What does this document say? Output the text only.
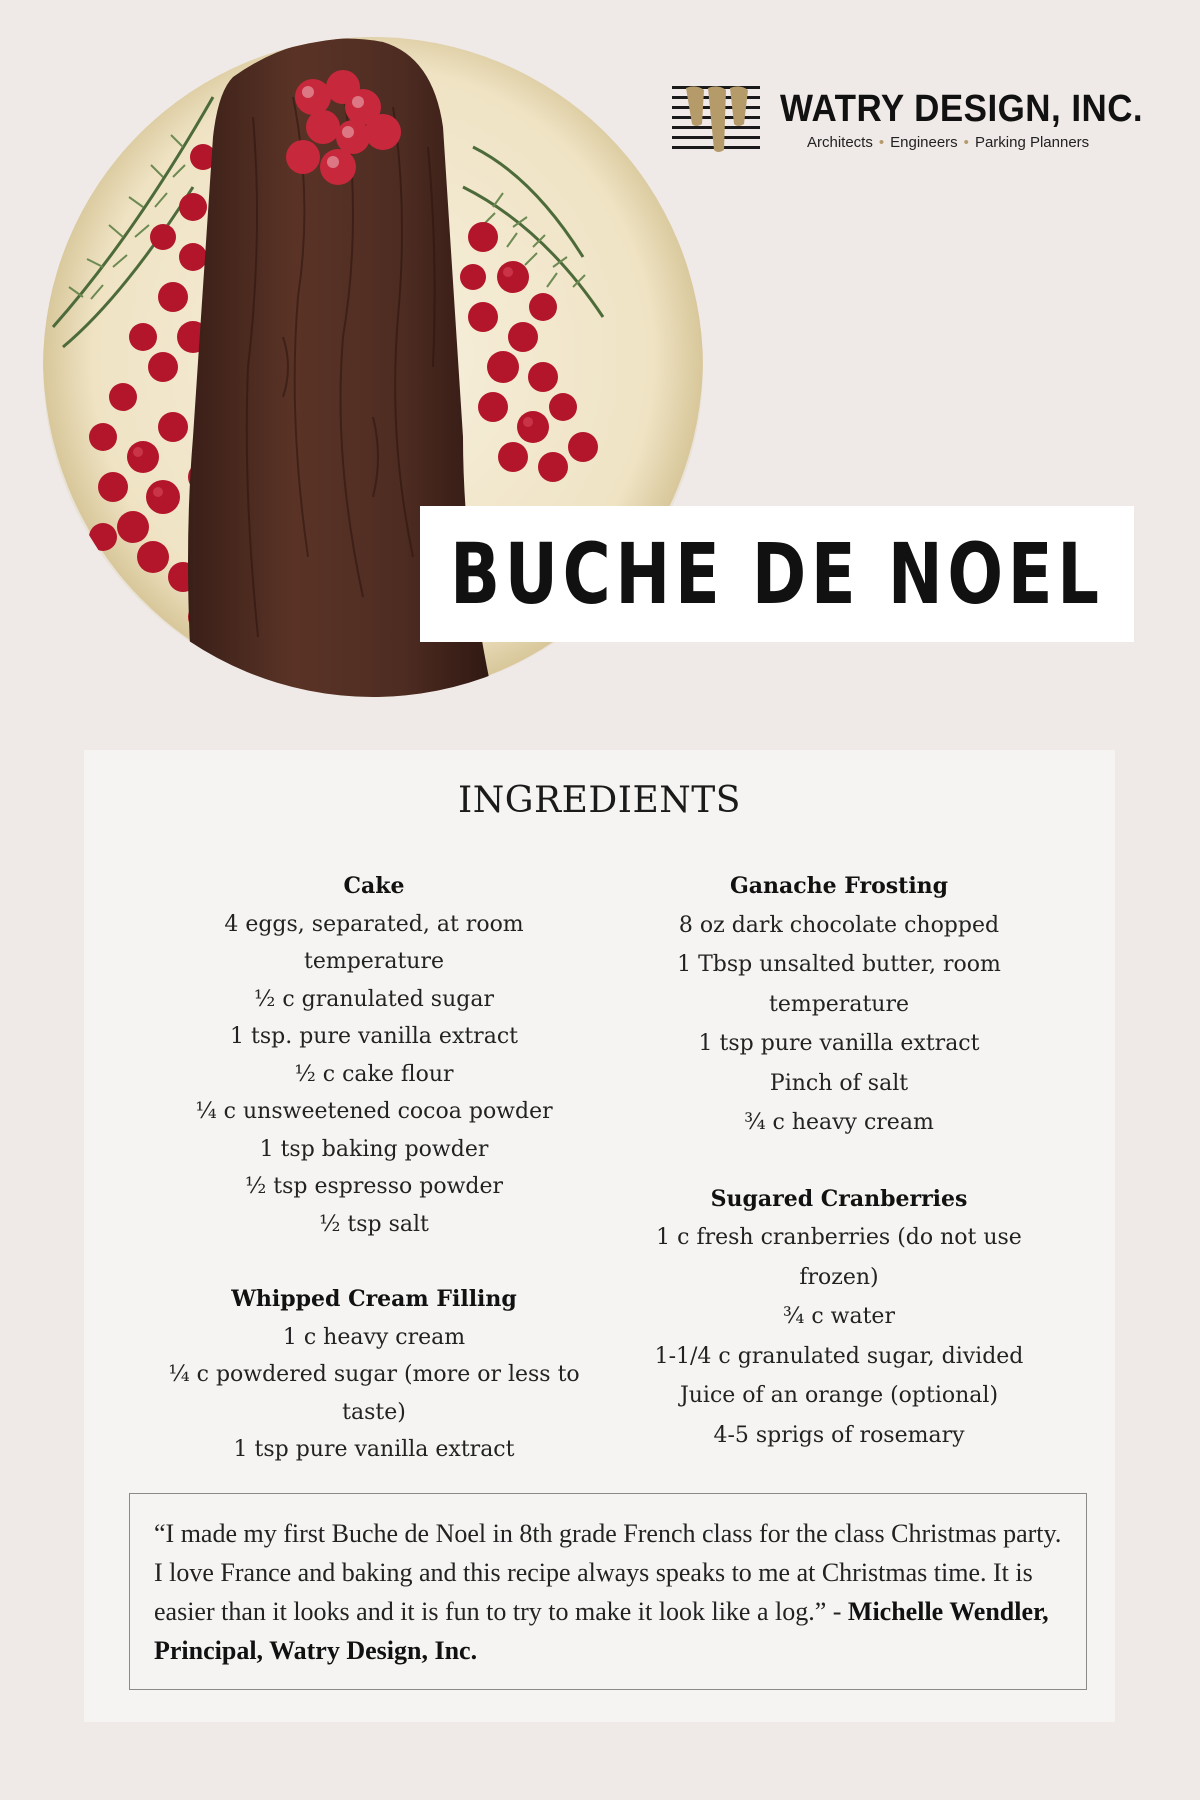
WATRY DESIGN, INC.
Architects • Engineers • Parking Planners
BUCHE DE NOEL
INGREDIENTS
Cake
4 eggs, separated, at room temperature
½ c granulated sugar
1 tsp. pure vanilla extract
½ c cake flour
¼ c unsweetened cocoa powder
1 tsp baking powder
½ tsp espresso powder
½ tsp salt
Whipped Cream Filling
1 c heavy cream
¼ c powdered sugar (more or less to taste)
1 tsp pure vanilla extract
Ganache Frosting
8 oz dark chocolate chopped
1 Tbsp unsalted butter, room temperature
1 tsp pure vanilla extract
Pinch of salt
¾ c heavy cream
Sugared Cranberries
1 c fresh cranberries (do not use frozen)
¾ c water
1-1/4 c granulated sugar, divided
Juice of an orange (optional)
4-5 sprigs of rosemary
“I made my first Buche de Noel in 8th grade French class for the class Christmas party. I love France and baking and this recipe always speaks to me at Christmas time. It is easier than it looks and it is fun to try to make it look like a log.” - Michelle Wendler, Principal, Watry Design, Inc.
